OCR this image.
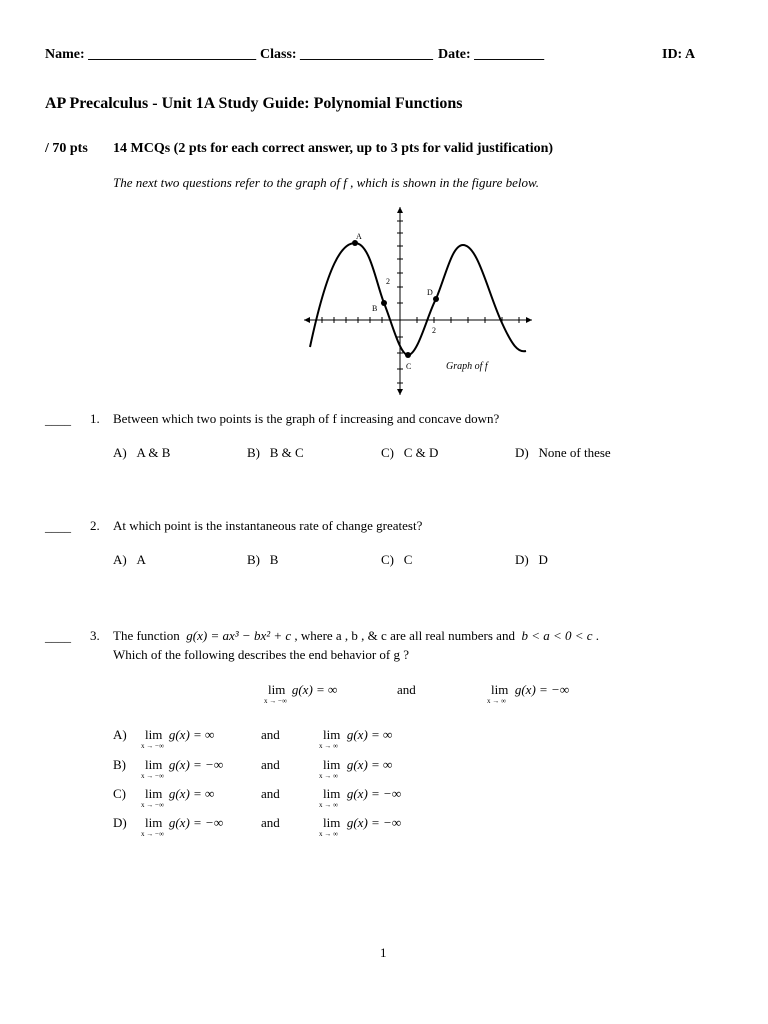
Name: ________________________ Class: ___________________ Date: __________	ID: A
AP Precalculus - Unit 1A Study Guide: Polynomial Functions
/ 70 pts 14 MCQs (2 pts for each correct answer, up to 3 pts for valid justification)
The next two questions refer to the graph of f , which is shown in the figure below.
A
B
C
D
2
2
Graph of f
____ 1. Between which two points is the graph of f increasing and concave down?
A) A & B	B) B & C	C) C & D	D) None of these
____ 2. At which point is the instantaneous rate of change greatest?
A) A	B) B	C) C	D) D
____ 3. The function g(x) = ax³ − bx² + c , where a , b , & c are all real numbers and b < a < 0 < c .
Which of the following describes the end behavior of g ?
lim
x → −∞
g(x) = ∞	and	lim
x → ∞
g(x) = −∞
A) lim
x → −∞
g(x) = ∞	and	lim
x → ∞
g(x) = ∞
B) lim
x → −∞
g(x) = −∞	and	lim
x → ∞
g(x) = ∞
C) lim
x → −∞
g(x) = ∞	and	lim
x → ∞
g(x) = −∞
D) lim
x → −∞
g(x) = −∞	and	lim
x → ∞
g(x) = −∞
1
